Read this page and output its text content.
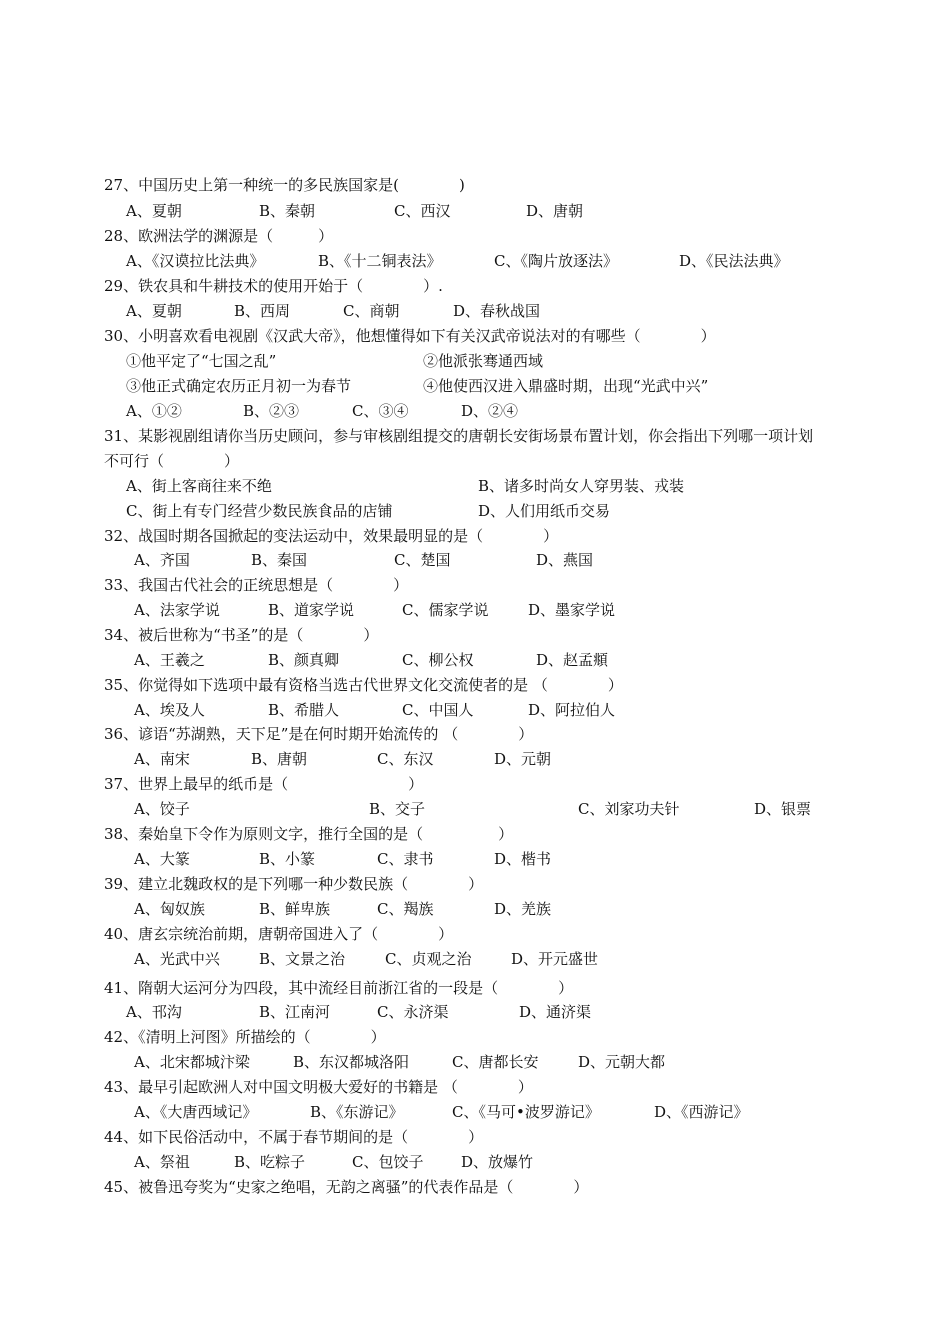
27、中国历史上第一种统一的多民族国家是(　　　　)
A、夏朝	B、秦朝	C、西汉	D、唐朝
28、欧洲法学的渊源是（　　　）
A、《汉谟拉比法典》	B、《十二铜表法》	C、《陶片放逐法》	D、《民法法典》
29、铁农具和牛耕技术的使用开始于（　　　　）.
A、夏朝	B、西周	C、商朝	D、春秋战国
30、小明喜欢看电视剧《汉武大帝》，他想懂得如下有关汉武帝说法对的有哪些（　　　　）
①他平定了“七国之乱”	②他派张骞通西域
③他正式确定农历正月初一为春节	④他使西汉进入鼎盛时期，出现“光武中兴”
A、①②	B、②③	C、③④	D、②④
31、某影视剧组请你当历史顾问，参与审核剧组提交的唐朝长安街场景布置计划，你会指出下列哪一项计划
不可行（　　　　）
A、街上客商往来不绝	B、诸多时尚女人穿男装、戎装
C、街上有专门经营少数民族食品的店铺	D、人们用纸币交易
32、战国时期各国掀起的变法运动中，效果最明显的是（　　　　）
A、齐国	B、秦国	C、楚国	D、燕国
33、我国古代社会的正统思想是（　　　　）
A、法家学说	B、道家学说	C、儒家学说	D、墨家学说
34、被后世称为“书圣”的是（　　　　）
A、王羲之	B、颜真卿	C、柳公权	D、赵孟頫
35、你觉得如下选项中最有资格当选古代世界文化交流使者的是 （　　　　）
A、埃及人	B、希腊人	C、中国人	D、阿拉伯人
36、谚语“苏湖熟，天下足”是在何时期开始流传的 （　　　　）
A、南宋	B、唐朝	C、东汉	D、元朝
37、世界上最早的纸币是（　　　　　　　　）
A、饺子	B、交子	C、刘家功夫针	D、银票
38、秦始皇下令作为原则文字，推行全国的是（　　　　　）
A、大篆	B、小篆	C、隶书	D、楷书
39、建立北魏政权的是下列哪一种少数民族（　　　　）
A、匈奴族	B、鲜卑族	C、羯族	D、羌族
40、唐玄宗统治前期，唐朝帝国进入了（　　　　）
A、光武中兴	B、文景之治	C、贞观之治	D、开元盛世
41、隋朝大运河分为四段，其中流经目前浙江省的一段是（　　　　）
A、邗沟	B、江南河	C、永济渠	D、通济渠
42、《清明上河图》所描绘的（　　　　）
A、北宋都城汴梁	B、东汉都城洛阳	C、唐都长安	D、元朝大都
43、最早引起欧洲人对中国文明极大爱好的书籍是 （　　　　）
A、《大唐西域记》	B、《东游记》	C、《马可•波罗游记》	D、《西游记》
44、如下民俗活动中，不属于春节期间的是（　　　　）
A、祭祖	B、吃粽子	C、包饺子	D、放爆竹
45、被鲁迅夸奖为“史家之绝唱，无韵之离骚”的代表作品是（　　　　）
